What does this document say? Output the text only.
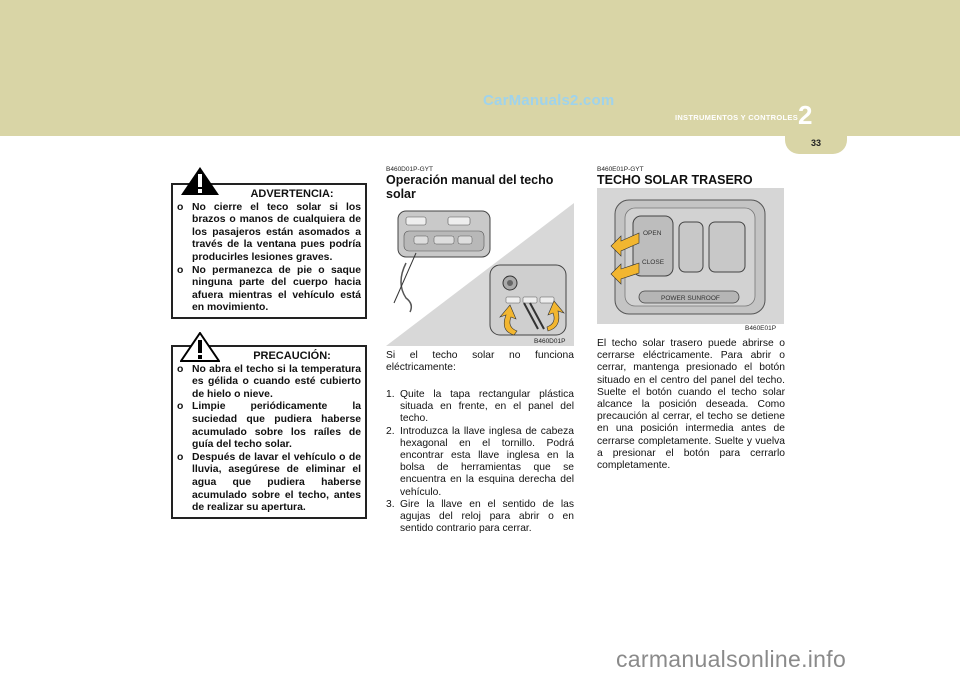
CarManuals2.com
INSTRUMENTOS Y CONTROLES 2
33
ADVERTENCIA:
o No cierre el teco solar si los brazos o manos de cualquiera de los pasajeros están asomados a través de la ventana pues podría producirles lesiones graves.
o No permanezca de pie o saque ninguna parte del cuerpo hacia afuera mientras el vehículo está en movimiento.
PRECAUCIÓN:
o No abra el techo si la temperatura es gélida o cuando esté cubierto de hielo o nieve.
o Limpie periódicamente la suciedad que pudiera haberse acumulado sobre los raíles de guía del techo solar.
o Después de lavar el vehículo o de lluvia, asegúrese de eliminar el agua que pudiera haberse acumulado sobre el techo, antes de realizar su apertura.
B460D01P-GYT
Operación manual del techo solar
B460D01P
Si el techo solar no funciona eléctricamente:
1. Quite la tapa rectangular plástica situada en frente, en el panel del techo.
2. Introduzca la llave inglesa de cabeza hexagonal en el tornillo. Podrá encontrar esta llave inglesa en la bolsa de herramientas que se encuentra en la esquina derecha del vehículo.
3. Gire la llave en el sentido de las agujas del reloj para abrir o en sentido contrario para cerrar.
B460E01P-GYT
TECHO SOLAR TRASERO
OPEN
CLOSE
POWER SUNROOF
B460E01P
El techo solar trasero puede abrirse o cerrarse eléctricamente. Para abrir o cerrar, mantenga presionado el botón situado en el centro del panel del techo. Suelte el botón cuando el techo solar alcance la posición deseada. Como precaución al cerrar, el techo se detiene en una posición intermedia antes de cerrarse completamente. Suelte y vuelva a presionar el botón para cerrarlo completamente.
carmanualsonline.info
